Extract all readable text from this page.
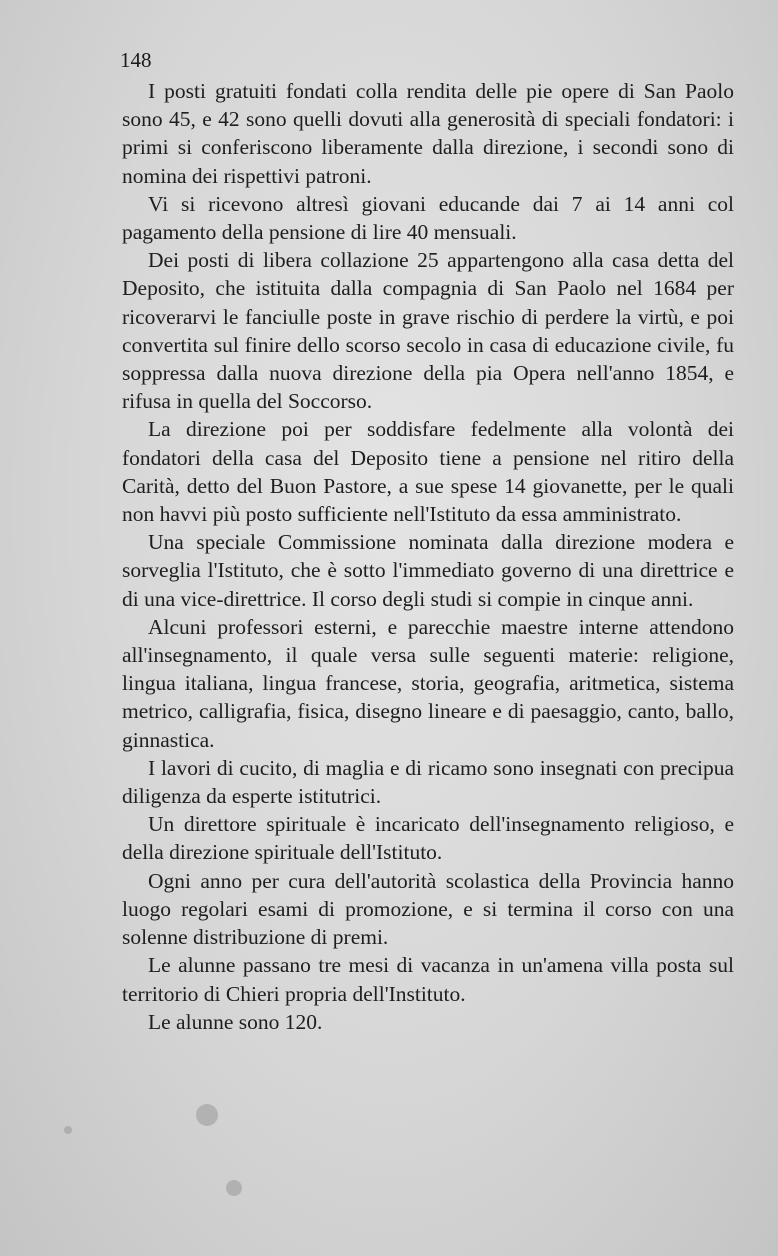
148

I posti gratuiti fondati colla rendita delle pie opere di San Paolo sono 45, e 42 sono quelli dovuti alla generosità di speciali fondatori: i primi si conferiscono liberamente dalla direzione, i secondi sono di nomina dei rispettivi patroni.

Vi si ricevono altresì giovani educande dai 7 ai 14 anni col pagamento della pensione di lire 40 mensuali.

Dei posti di libera collazione 25 appartengono alla casa detta del Deposito, che istituita dalla compagnia di San Paolo nel 1684 per ricoverarvi le fanciulle poste in grave rischio di perdere la virtù, e poi convertita sul finire dello scorso secolo in casa di educazione civile, fu soppressa dalla nuova direzione della pia Opera nell'anno 1854, e rifusa in quella del Soccorso.

La direzione poi per soddisfare fedelmente alla volontà dei fondatori della casa del Deposito tiene a pensione nel ritiro della Carità, detto del Buon Pastore, a sue spese 14 giovanette, per le quali non havvi più posto sufficiente nell'Istituto da essa amministrato.

Una speciale Commissione nominata dalla direzione modera e sorveglia l'Istituto, che è sotto l'immediato governo di una direttrice e di una vice-direttrice. Il corso degli studi si compie in cinque anni.

Alcuni professori esterni, e parecchie maestre interne attendono all'insegnamento, il quale versa sulle seguenti materie: religione, lingua italiana, lingua francese, storia, geografia, aritmetica, sistema metrico, calligrafia, fisica, disegno lineare e di paesaggio, canto, ballo, ginnastica.

I lavori di cucito, di maglia e di ricamo sono insegnati con precipua diligenza da esperte istitutrici.

Un direttore spirituale è incaricato dell'insegnamento religioso, e della direzione spirituale dell'Istituto.

Ogni anno per cura dell'autorità scolastica della Provincia hanno luogo regolari esami di promozione, e si termina il corso con una solenne distribuzione di premi.

Le alunne passano tre mesi di vacanza in un'amena villa posta sul territorio di Chieri propria dell'Instituto.

Le alunne sono 120.
